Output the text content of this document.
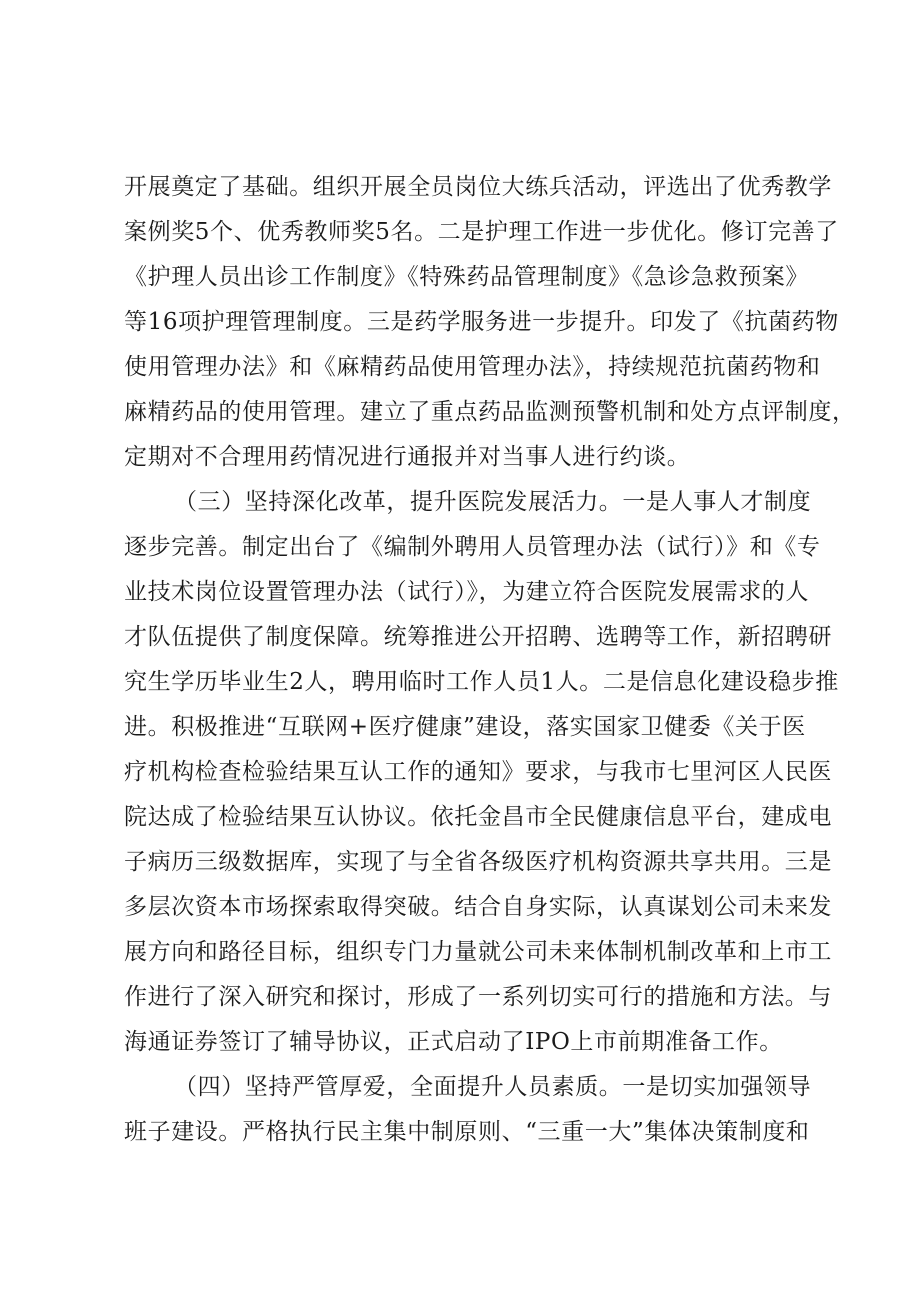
开展奠定了基础。组织开展全员岗位大练兵活动，评选出了优秀教学
案例奖5个、优秀教师奖5名。二是护理工作进一步优化。修订完善了
《护理人员出诊工作制度》《特殊药品管理制度》《急诊急救预案》
等16项护理管理制度。三是药学服务进一步提升。印发了《抗菌药物
使用管理办法》和《麻精药品使用管理办法》，持续规范抗菌药物和
麻精药品的使用管理。建立了重点药品监测预警机制和处方点评制度，
定期对不合理用药情况进行通报并对当事人进行约谈。
（三）坚持深化改革，提升医院发展活力。一是人事人才制度
逐步完善。制定出台了《编制外聘用人员管理办法（试行）》和《专
业技术岗位设置管理办法（试行）》，为建立符合医院发展需求的人
才队伍提供了制度保障。统筹推进公开招聘、选聘等工作，新招聘研
究生学历毕业生2人，聘用临时工作人员1人。二是信息化建设稳步推
进。积极推进“互联网+医疗健康”建设，落实国家卫健委《关于医
疗机构检查检验结果互认工作的通知》要求，与我市七里河区人民医
院达成了检验结果互认协议。依托金昌市全民健康信息平台，建成电
子病历三级数据库，实现了与全省各级医疗机构资源共享共用。三是
多层次资本市场探索取得突破。结合自身实际，认真谋划公司未来发
展方向和路径目标，组织专门力量就公司未来体制机制改革和上市工
作进行了深入研究和探讨，形成了一系列切实可行的措施和方法。与
海通证券签订了辅导协议，正式启动了IPO上市前期准备工作。
（四）坚持严管厚爱，全面提升人员素质。一是切实加强领导
班子建设。严格执行民主集中制原则、“三重一大”集体决策制度和
